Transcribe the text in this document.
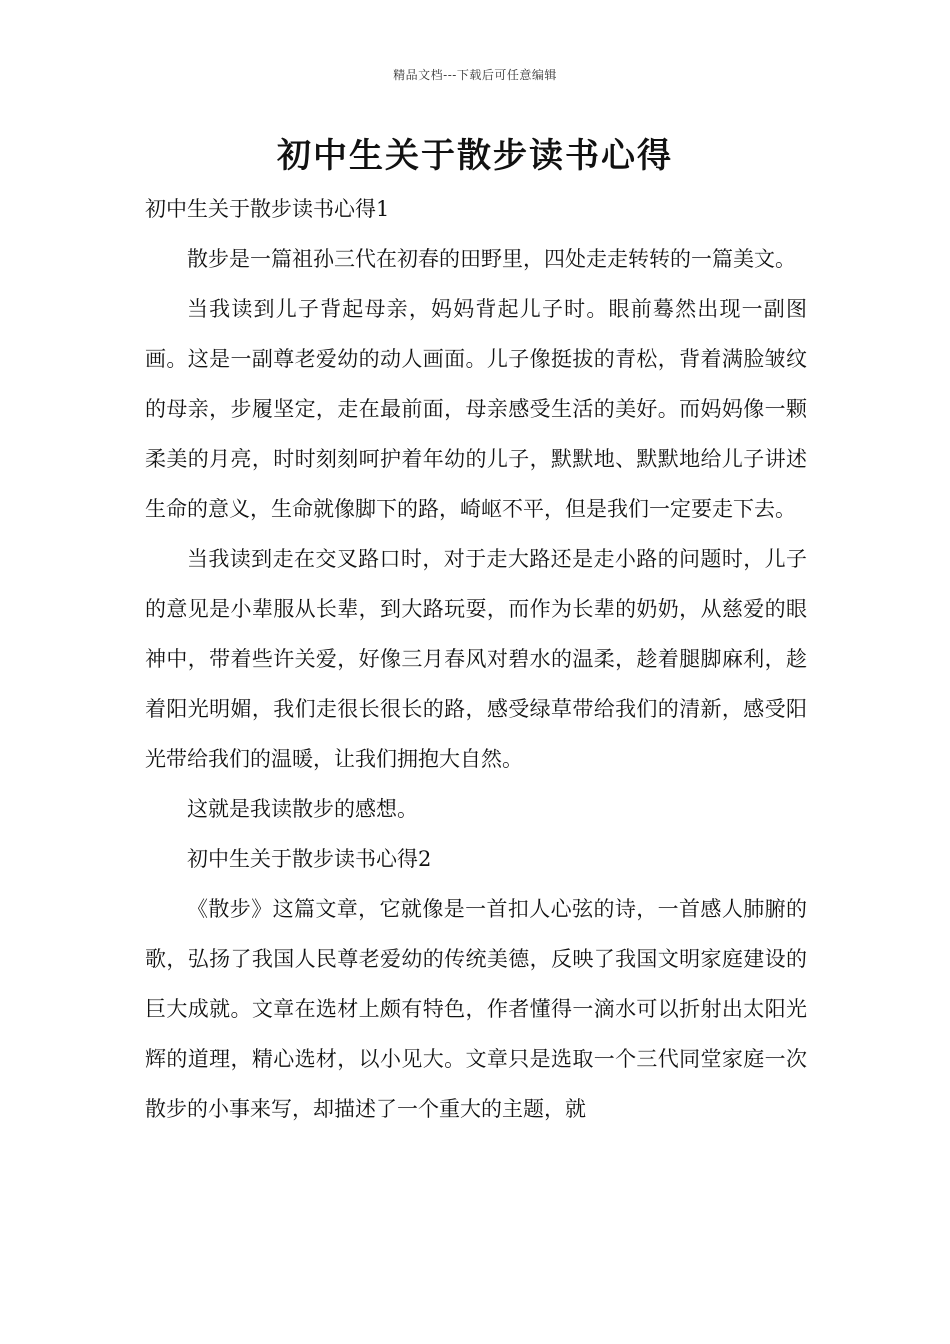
精品文档---下载后可任意编辑
初中生关于散步读书心得

初中生关于散步读书心得1

散步是一篇祖孙三代在初春的田野里，四处走走转转的一篇美文。

当我读到儿子背起母亲，妈妈背起儿子时。眼前蓦然出现一副图画。这是一副尊老爱幼的动人画面。儿子像挺拔的青松，背着满脸皱纹的母亲，步履坚定，走在最前面，母亲感受生活的美好。而妈妈像一颗柔美的月亮，时时刻刻呵护着年幼的儿子，默默地、默默地给儿子讲述生命的意义，生命就像脚下的路，崎岖不平，但是我们一定要走下去。

当我读到走在交叉路口时，对于走大路还是走小路的问题时，儿子的意见是小辈服从长辈，到大路玩耍，而作为长辈的奶奶，从慈爱的眼神中，带着些许关爱，好像三月春风对碧水的温柔，趁着腿脚麻利，趁着阳光明媚，我们走很长很长的路，感受绿草带给我们的清新，感受阳光带给我们的温暖，让我们拥抱大自然。

这就是我读散步的感想。

初中生关于散步读书心得2

《散步》这篇文章，它就像是一首扣人心弦的诗，一首感人肺腑的歌，弘扬了我国人民尊老爱幼的传统美德，反映了我国文明家庭建设的巨大成就。文章在选材上颇有特色，作者懂得一滴水可以折射出太阳光辉的道理，精心选材，以小见大。文章只是选取一个三代同堂家庭一次散步的小事来写，却描述了一个重大的主题，就
